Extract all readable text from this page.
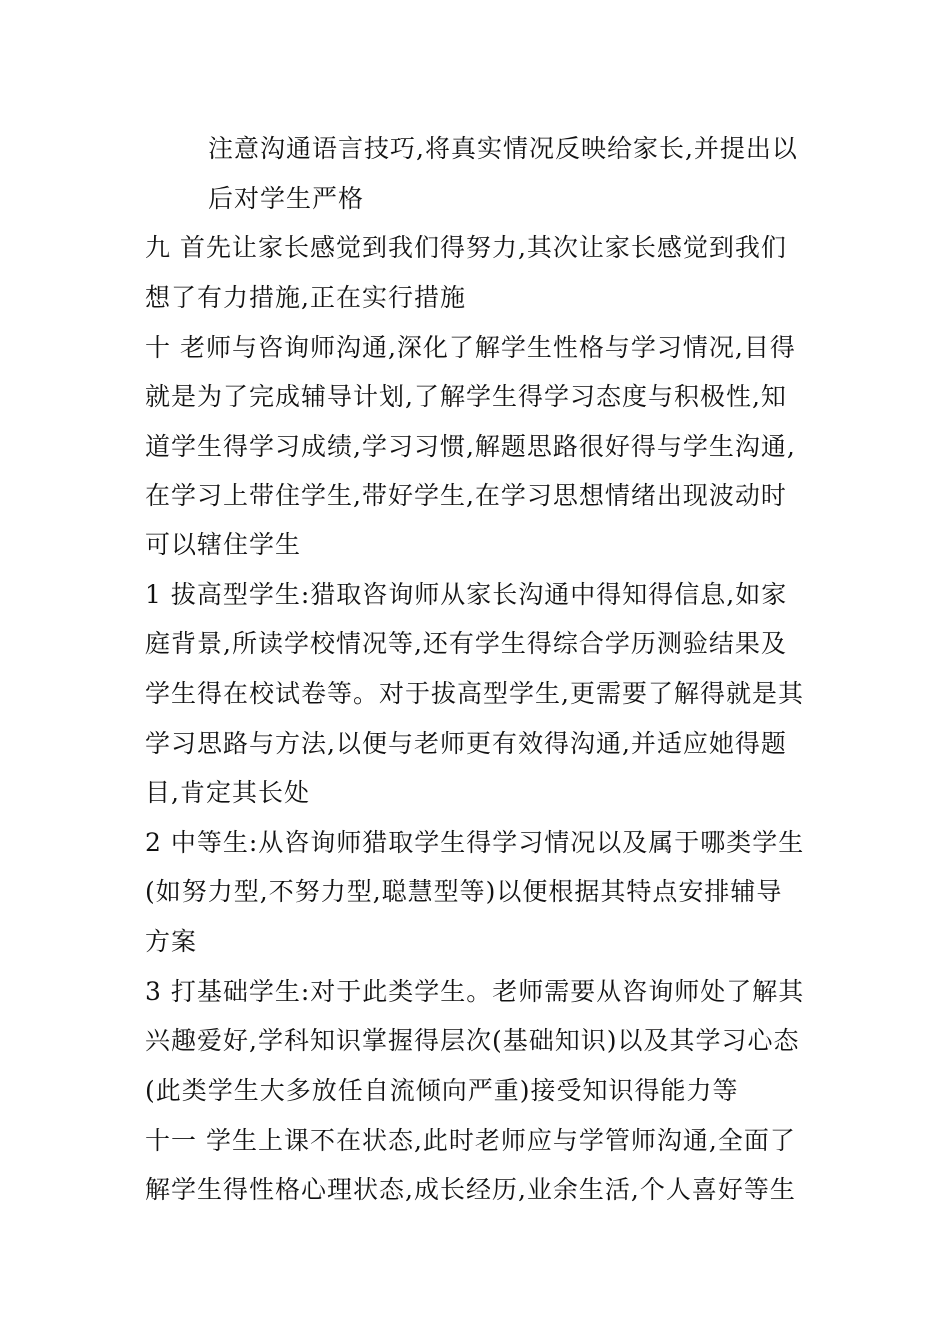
注意沟通语言技巧,将真实情况反映给家长,并提出以
后对学生严格
九 首先让家长感觉到我们得努力,其次让家长感觉到我们
想了有力措施,正在实行措施
十 老师与咨询师沟通,深化了解学生性格与学习情况,目得
就是为了完成辅导计划,了解学生得学习态度与积极性,知
道学生得学习成绩,学习习惯,解题思路很好得与学生沟通,
在学习上带住学生,带好学生,在学习思想情绪出现波动时
可以辖住学生
1 拔高型学生:猎取咨询师从家长沟通中得知得信息,如家
庭背景,所读学校情况等,还有学生得综合学历测验结果及
学生得在校试卷等。对于拔高型学生,更需要了解得就是其
学习思路与方法,以便与老师更有效得沟通,并适应她得题
目,肯定其长处
2 中等生:从咨询师猎取学生得学习情况以及属于哪类学生
(如努力型,不努力型,聪慧型等)以便根据其特点安排辅导
方案
3 打基础学生:对于此类学生。老师需要从咨询师处了解其
兴趣爱好,学科知识掌握得层次(基础知识)以及其学习心态
(此类学生大多放任自流倾向严重)接受知识得能力等
十一 学生上课不在状态,此时老师应与学管师沟通,全面了
解学生得性格心理状态,成长经历,业余生活,个人喜好等生
